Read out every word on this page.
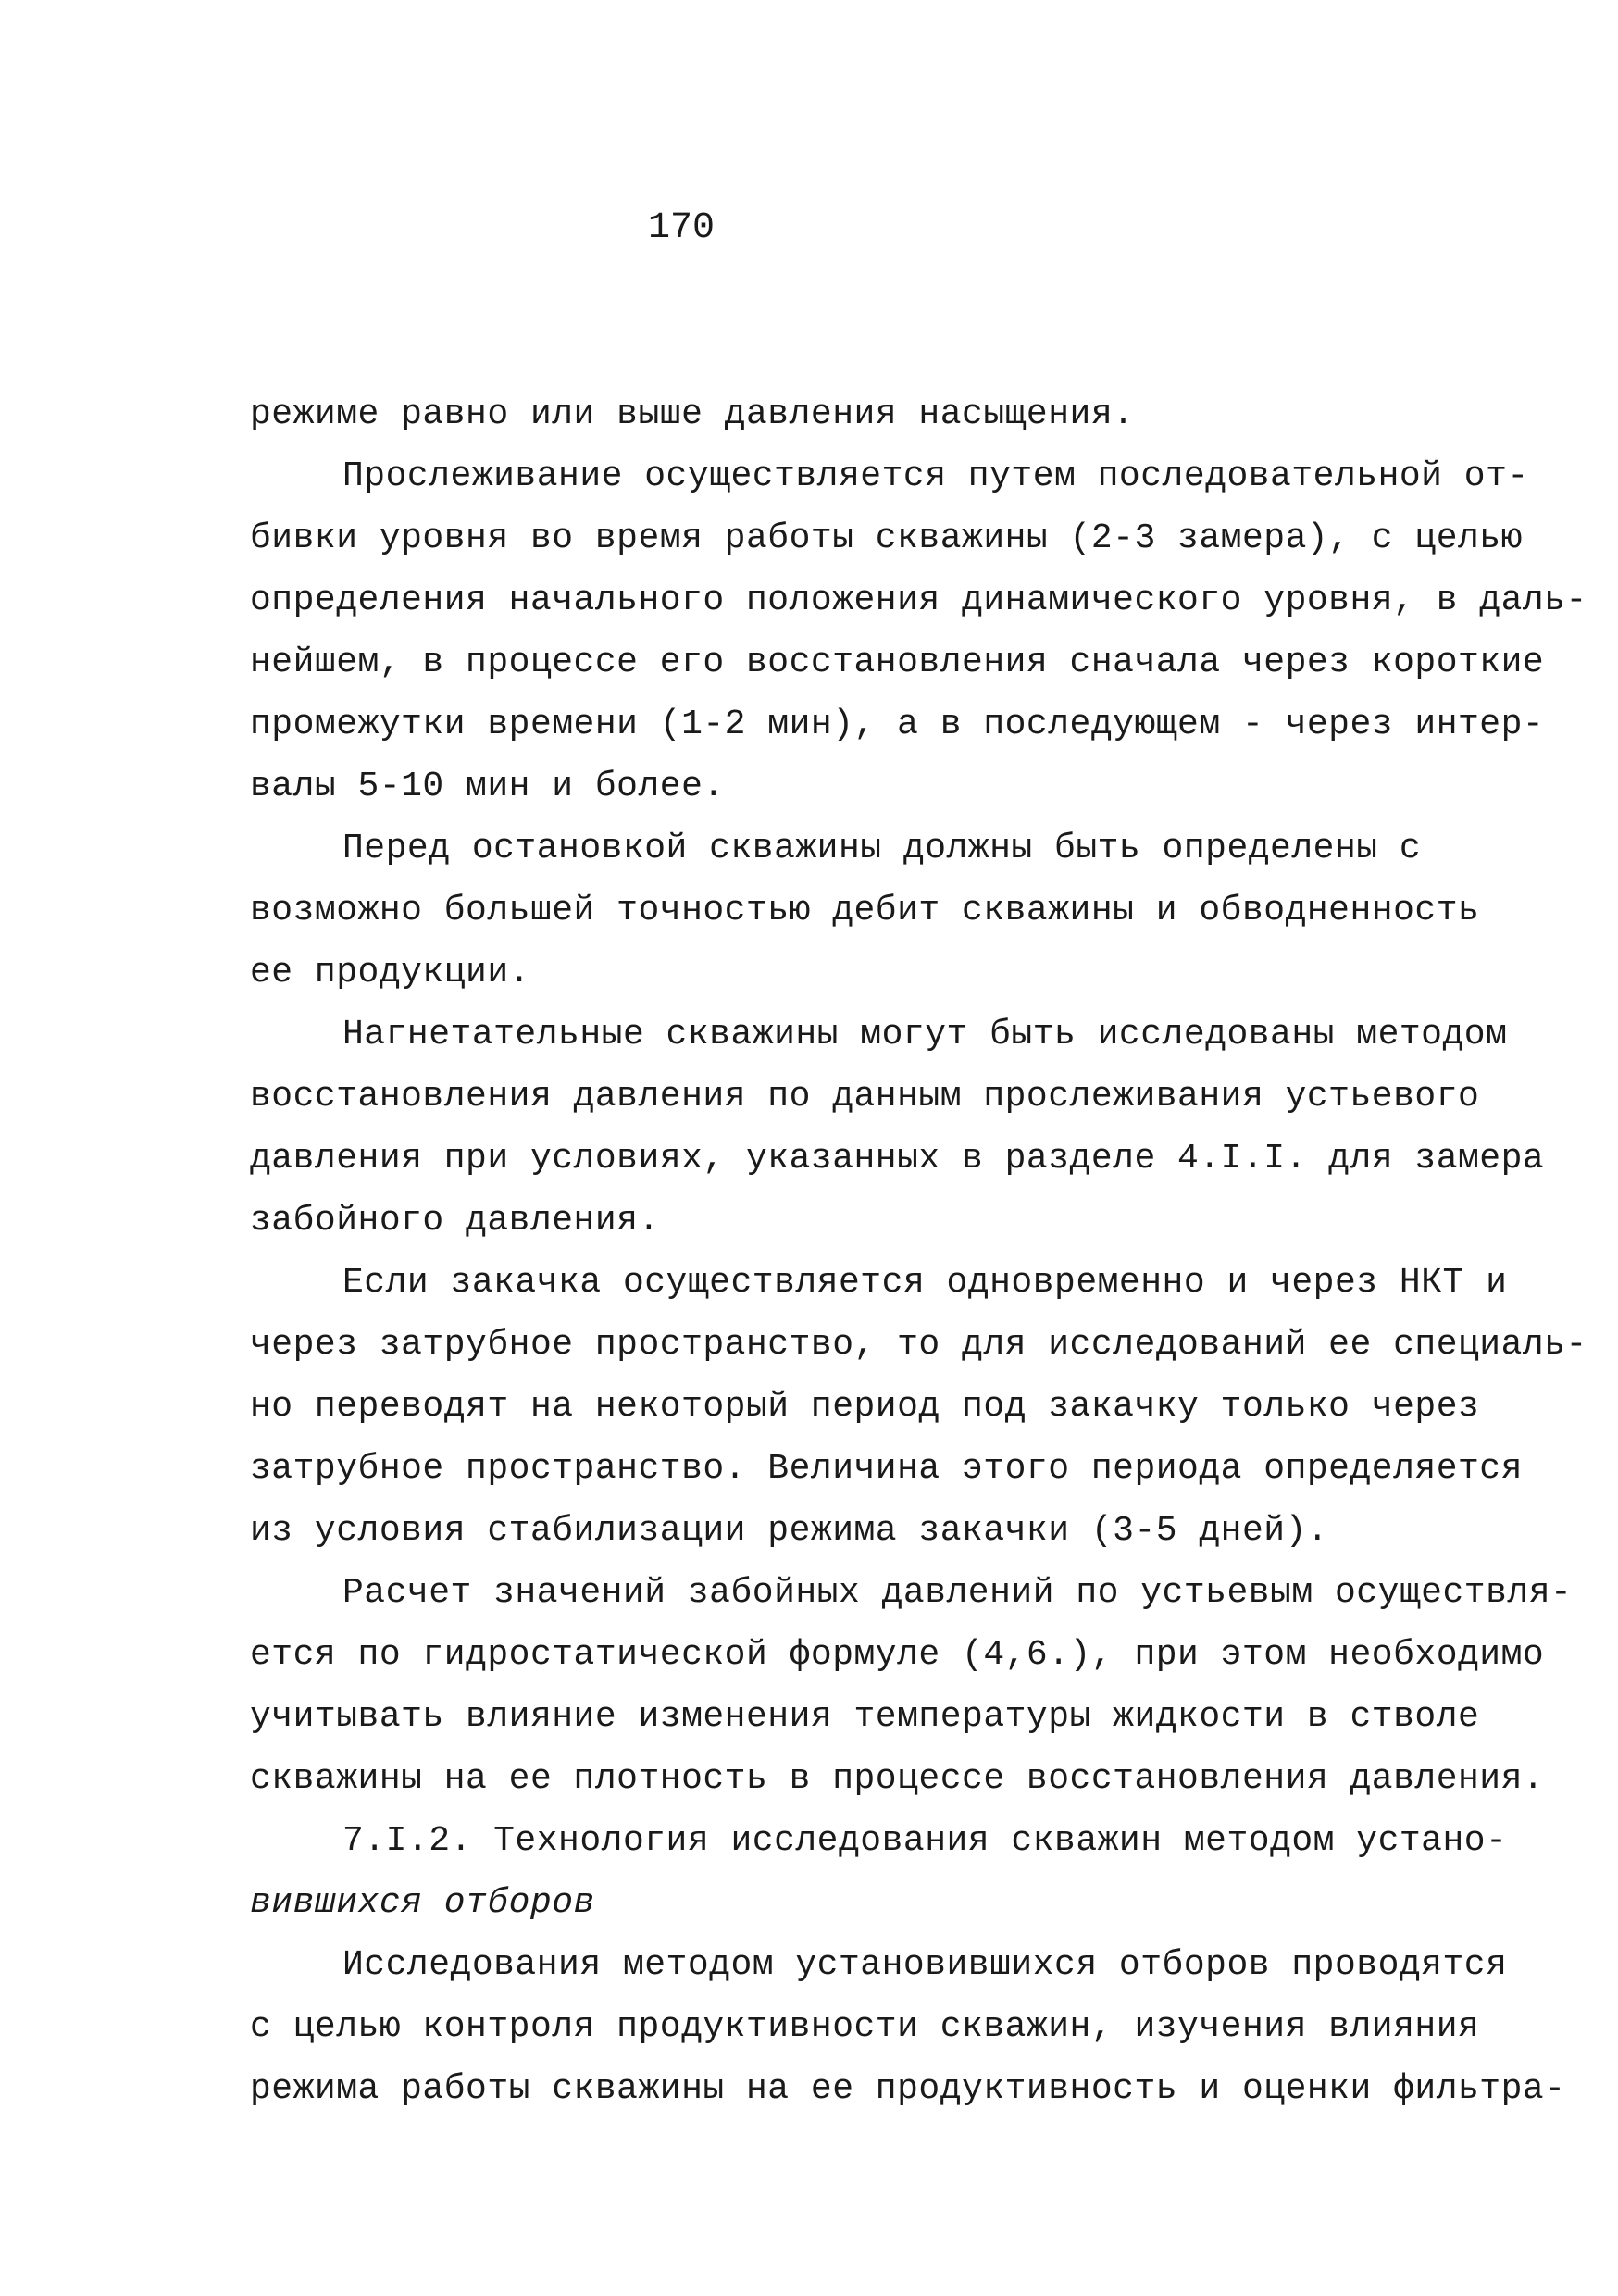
170
режиме равно или выше давления насыщения.
Прослеживание осуществляется путем последовательной от-
бивки уровня во время работы скважины (2-3 замера), с целью
определения начального положения динамического уровня, в даль-
нейшем, в процессе его восстановления сначала через короткие
промежутки времени (1-2 мин), а в последующем - через интер-
валы 5-10 мин и более.
Перед остановкой скважины должны быть определены с
возможно большей точностью дебит скважины и обводненность
ее продукции.
Нагнетательные скважины могут быть исследованы методом
восстановления давления по данным прослеживания устьевого
давления при условиях, указанных в разделе 4.I.I. для замера
забойного давления.
Если закачка осуществляется одновременно и через НКТ и
через затрубное пространство, то для исследований ее специаль-
но переводят на некоторый период под закачку только через
затрубное пространство. Величина этого периода определяется
из условия стабилизации режима закачки (3-5 дней).
Расчет значений забойных давлений по устьевым осуществля-
ется по гидростатической формуле (4,6.), при этом необходимо
учитывать влияние изменения температуры жидкости в стволе
скважины на ее плотность в процессе восстановления давления.
7.I.2. Технология исследования скважин методом устано-
вившихся отборов
Исследования методом установившихся отборов проводятся
с целью контроля продуктивности скважин, изучения влияния
режима работы скважины на ее продуктивность и оценки фильтра-
